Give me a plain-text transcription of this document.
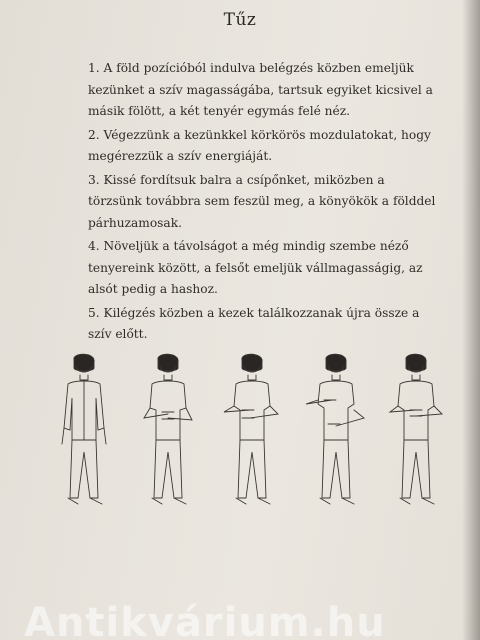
Tűz
1. A föld pozícióból indulva belégzés közben emeljük kezünket a szív magasságába, tartsuk egyiket kicsivel a másik fölött, a két tenyér egymás felé néz.
2. Végezzünk a kezünkkel körkörös mozdulatokat, hogy megérezzük a szív energiáját.
3. Kissé fordítsuk balra a csípőnket, miközben a törzsünk továbbra sem feszül meg, a könyökök a földdel párhuzamosak.
4. Növeljük a távolságot a még mindig szembe néző tenyereink között, a felsőt emeljük vállmagasságig, az alsót pedig a hashoz.
5. Kilégzés közben a kezek találkozzanak újra össze a szív előtt.
Antikvárium.hu
